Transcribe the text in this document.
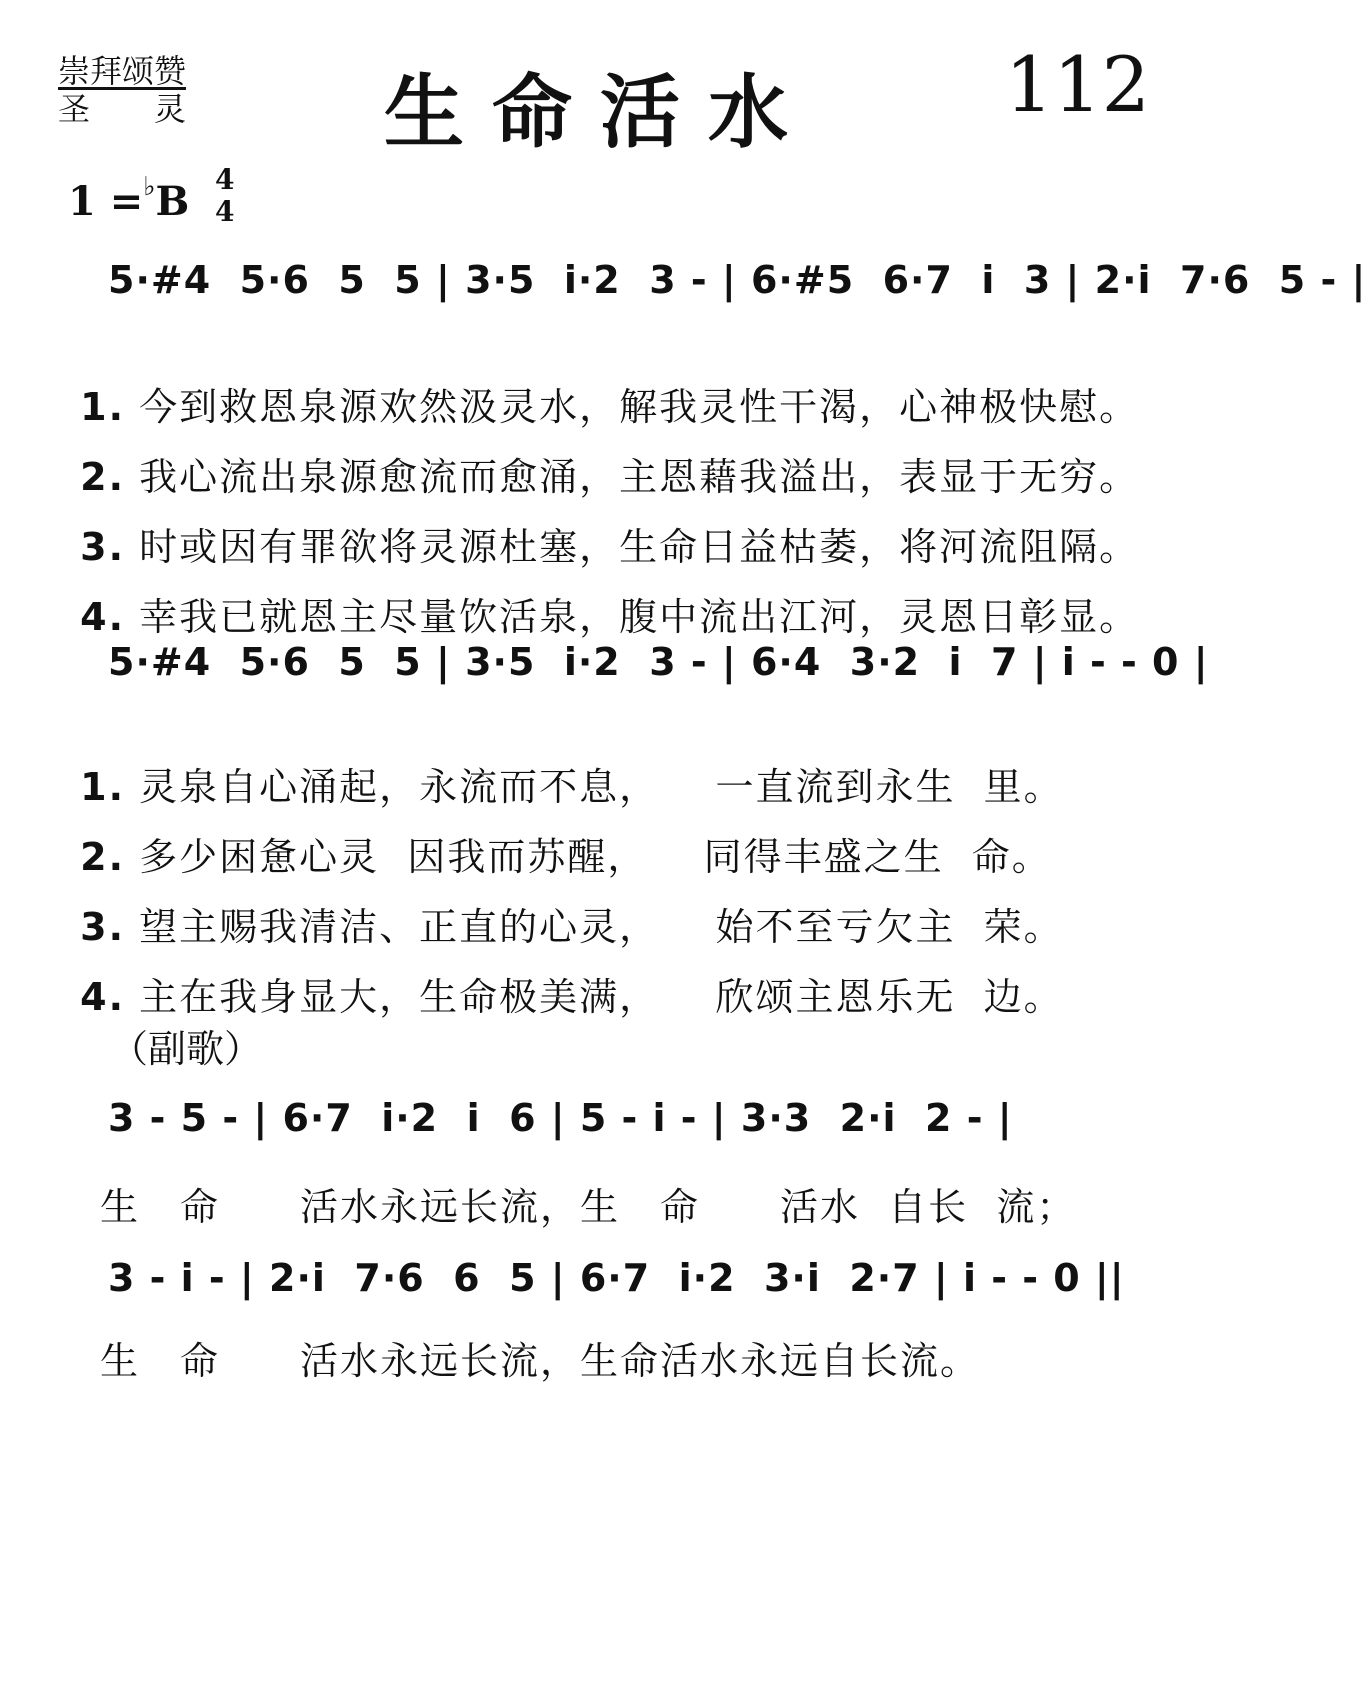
崇拜颂赞
圣　　灵	生命活水	112
1 =♭B 4
4
5·#4  5·6  5  5 | 3·5  i·2  3 - | 6·#5  6·7  i  3 | 2·i  7·6  5 - |

1. 今到救恩泉源欢然汲灵水，解我灵性干渴，心神极快慰。

2. 我心流出泉源愈流而愈涌，主恩藉我溢出，表显于无穷。

3. 时或因有罪欲将灵源杜塞，生命日益枯萎，将河流阻隔。

4. 幸我已就恩主尽量饮活泉，腹中流出江河，灵恩日彰显。

5·#4  5·6  5  5 | 3·5  i·2  3 - | 6·4  3·2  i  7 | i - - 0 |

1. 灵泉自心涌起，永流而不息，    一直流到永生  里。

2. 多少困惫心灵  因我而苏醒，    同得丰盛之生  命。

3. 望主赐我清洁、正直的心灵，    始不至亏欠主  荣。

4. 主在我身显大，生命极美满，    欣颂主恩乐无  边。

（副歌）
3 - 5 - | 6·7  i·2  i  6 | 5 - i - | 3·3  2·i  2 - |
生　命　　活水永远长流，生　命　　活水  自长  流；
3 - i - | 2·i  7·6  6  5 | 6·7  i·2  3·i  2·7 | i - - 0 ||
生　命　　活水永远长流，生命活水永远自长流。
